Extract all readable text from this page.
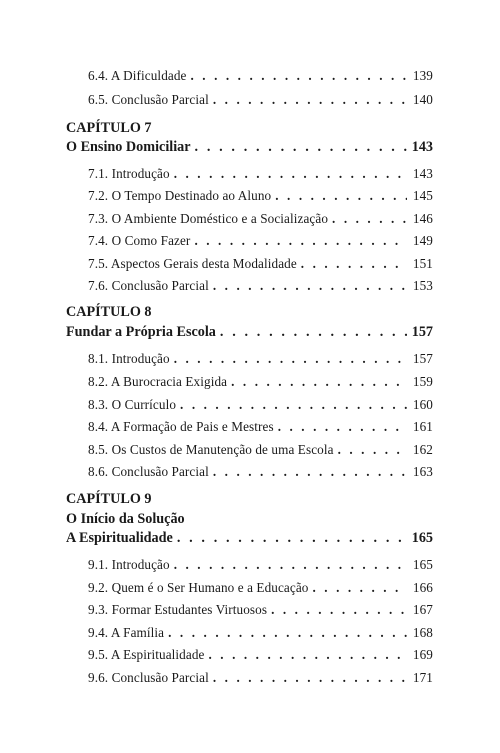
6.4. A Dificuldade . . .	139
6.5. Conclusão Parcial . . .	140
CAPÍTULO 7
O Ensino Domiciliar . . .	143
7.1. Introdução . . .	143
7.2. O Tempo Destinado ao Aluno . . .	145
7.3. O Ambiente Doméstico e a Socialização . . .	146
7.4. O Como Fazer . . .	149
7.5. Aspectos Gerais desta Modalidade . . .	151
7.6. Conclusão Parcial . . .	153
CAPÍTULO 8
Fundar a Própria Escola . . .	157
8.1. Introdução . . .	157
8.2. A Burocracia Exigida . . .	159
8.3. O Currículo . . .	160
8.4. A Formação de Pais e Mestres . . .	161
8.5. Os Custos de Manutenção de uma Escola . . .	162
8.6. Conclusão Parcial . . .	163
CAPÍTULO 9
O Início da Solução
A Espiritualidade . . .	165
9.1. Introdução . . .	165
9.2. Quem é o Ser Humano e a Educação . . .	166
9.3. Formar Estudantes Virtuosos . . .	167
9.4. A Família . . .	168
9.5. A Espiritualidade . . .	169
9.6. Conclusão Parcial . . .	171
